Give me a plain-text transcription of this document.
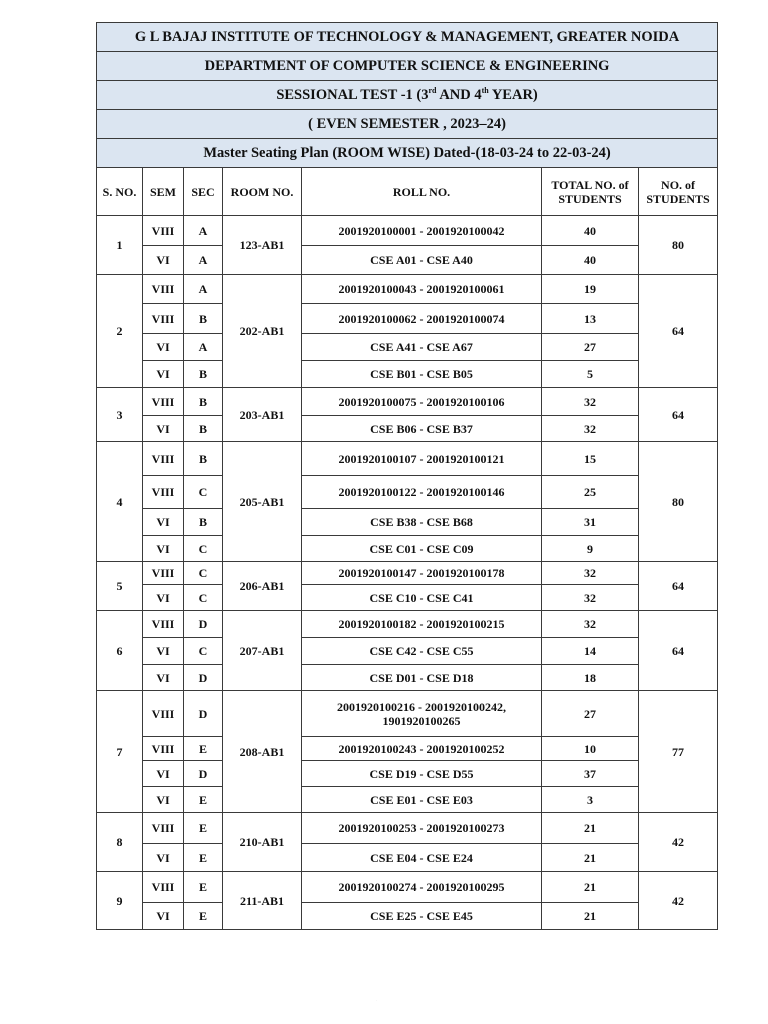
G L BAJAJ INSTITUTE OF TECHNOLOGY & MANAGEMENT, GREATER NOIDA						
DEPARTMENT OF COMPUTER SCIENCE & ENGINEERING						
SESSIONAL TEST -1 (3rd AND 4th YEAR)						
( EVEN SEMESTER , 2023–24)						
Master Seating Plan (ROOM WISE) Dated-(18-03-24 to 22-03-24)						
S. NO.	SEM	SEC	ROOM NO.	ROLL NO.	TOTAL NO. of STUDENTS	NO. of STUDENTS
1	VIII	A	123-AB1	2001920100001 - 2001920100042	40	80
	VI	A		CSE A01 - CSE A40	40	
2	VIII	A	202-AB1	2001920100043 - 2001920100061	19	64
	VIII	B		2001920100062 - 2001920100074	13	
	VI	A		CSE A41 - CSE A67	27	
	VI	B		CSE B01 - CSE B05	5	
3	VIII	B	203-AB1	2001920100075 - 2001920100106	32	64
	VI	B		CSE B06 - CSE B37	32	
4	VIII	B	205-AB1	2001920100107 - 2001920100121	15	80
	VIII	C		2001920100122 - 2001920100146	25	
	VI	B		CSE B38 - CSE B68	31	
	VI	C		CSE C01 - CSE C09	9	
5	VIII	C	206-AB1	2001920100147 - 2001920100178	32	64
	VI	C		CSE C10 - CSE C41	32	
6	VIII	D	207-AB1	2001920100182 - 2001920100215	32	64
	VI	C		CSE C42 - CSE C55	14	
	VI	D		CSE D01 - CSE D18	18	
7	VIII	D	208-AB1	2001920100216 - 2001920100242, 1901920100265	27	77
	VIII	E		2001920100243 - 2001920100252	10	
	VI	D		CSE D19 - CSE D55	37	
	VI	E		CSE E01 - CSE E03	3	
8	VIII	E	210-AB1	2001920100253 - 2001920100273	21	42
	VI	E		CSE E04 - CSE E24	21	
9	VIII	E	211-AB1	2001920100274 - 2001920100295	21	42
	VI	E		CSE E25 - CSE E45	21	
·
